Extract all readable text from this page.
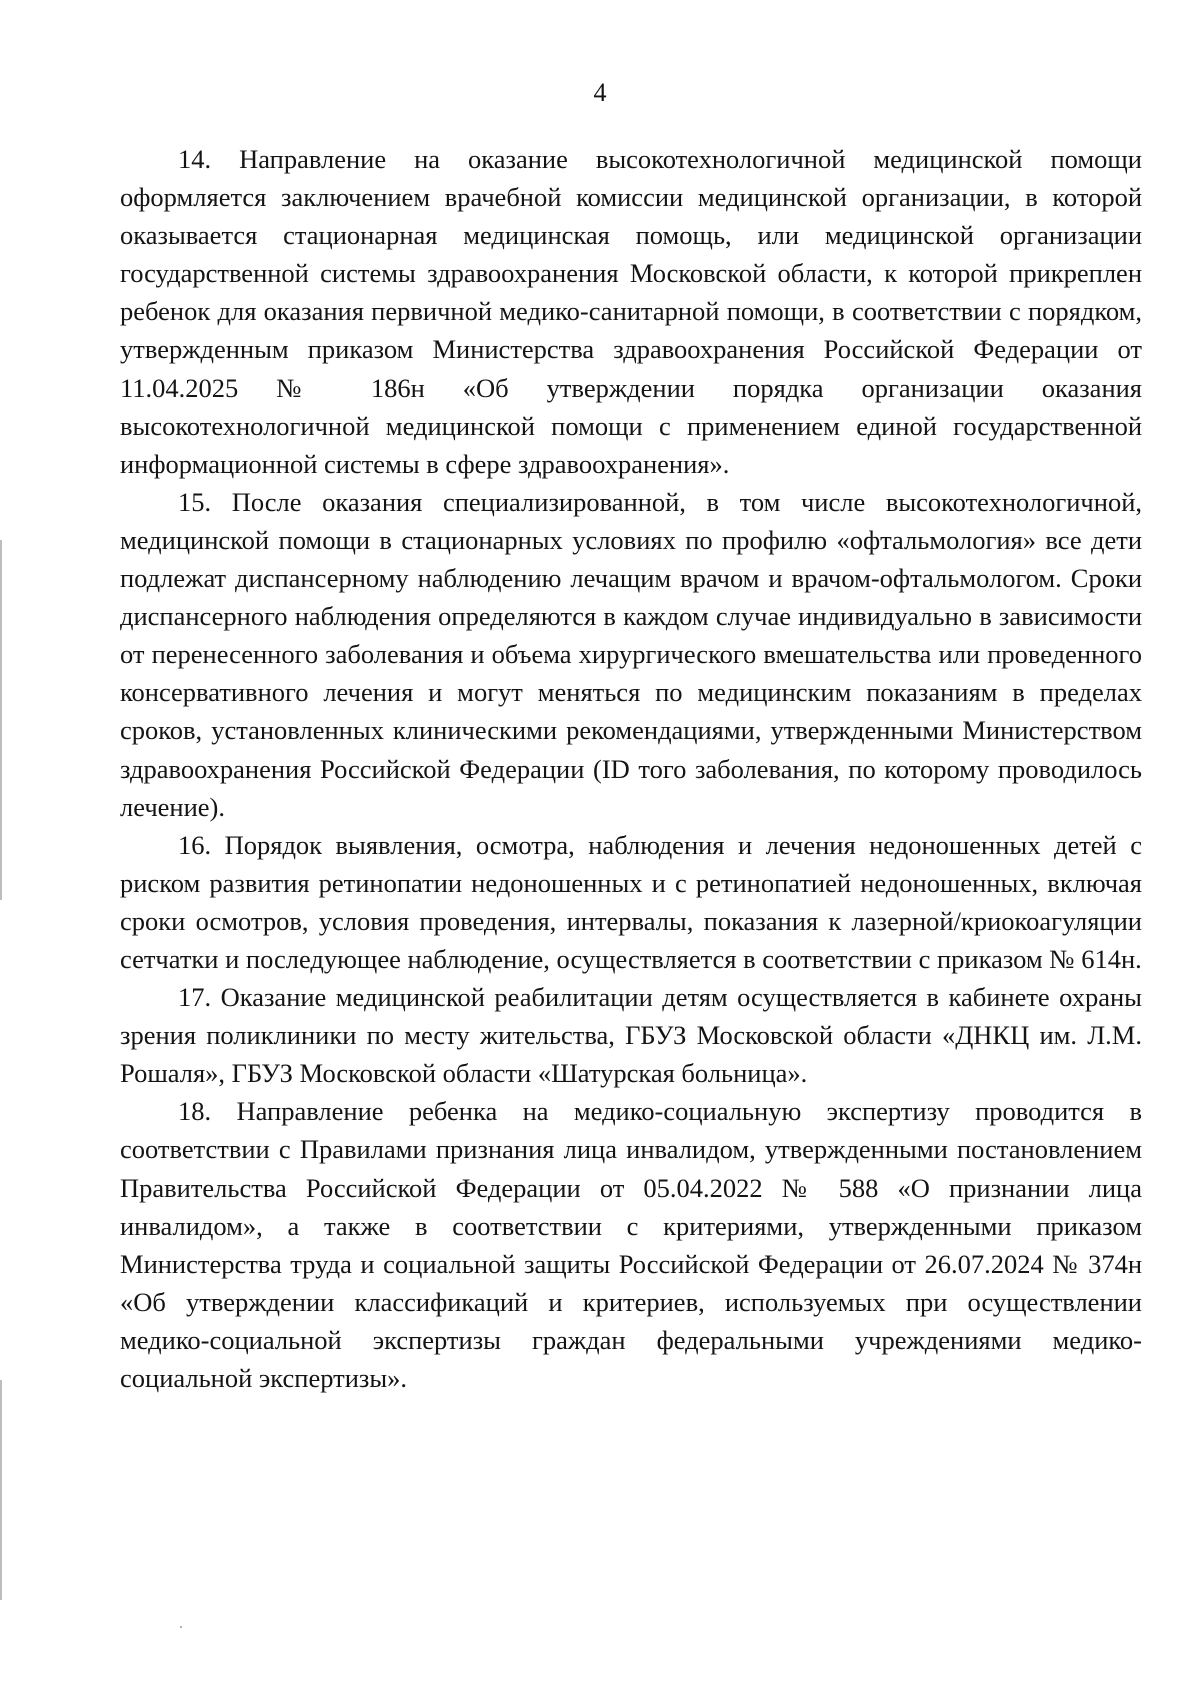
4

14. Направление на оказание высокотехнологичной медицинской помощи оформляется заключением врачебной комиссии медицинской организации, в которой оказывается стационарная медицинская помощь, или медицинской организации государственной системы здравоохранения Московской области, к которой прикреплен ребенок для оказания первичной медико-санитарной помощи, в соответствии с порядком, утвержденным приказом Министерства здравоохранения Российской Федерации от 11.04.2025 № 186н «Об утверждении порядка организации оказания высокотехнологичной медицинской помощи с применением единой государственной информационной системы в сфере здравоохранения».

15. После оказания специализированной, в том числе высокотехнологичной, медицинской помощи в стационарных условиях по профилю «офтальмология» все дети подлежат диспансерному наблюдению лечащим врачом и врачом-офтальмологом. Сроки диспансерного наблюдения определяются в каждом случае индивидуально в зависимости от перенесенного заболевания и объема хирургического вмешательства или проведенного консервативного лечения и могут меняться по медицинским показаниям в пределах сроков, установленных клиническими рекомендациями, утвержденными Министерством здравоохранения Российской Федерации (ID того заболевания, по которому проводилось лечение).

16. Порядок выявления, осмотра, наблюдения и лечения недоношенных детей с риском развития ретинопатии недоношенных и с ретинопатией недоношенных, включая сроки осмотров, условия проведения, интервалы, показания к лазерной/криокоагуляции сетчатки и последующее наблюдение, осуществляется в соответствии с приказом № 614н.

17. Оказание медицинской реабилитации детям осуществляется в кабинете охраны зрения поликлиники по месту жительства, ГБУЗ Московской области «ДНКЦ им. Л.М. Рошаля», ГБУЗ Московской области «Шатурская больница».

18. Направление ребенка на медико-социальную экспертизу проводится в соответствии с Правилами признания лица инвалидом, утвержденными постановлением Правительства Российской Федерации от 05.04.2022 № 588 «О признании лица инвалидом», а также в соответствии с критериями, утвержденными приказом Министерства труда и социальной защиты Российской Федерации от 26.07.2024 № 374н «Об утверждении классификаций и критериев, используемых при осуществлении медико-социальной экспертизы граждан федеральными учреждениями медико-социальной экспертизы».
